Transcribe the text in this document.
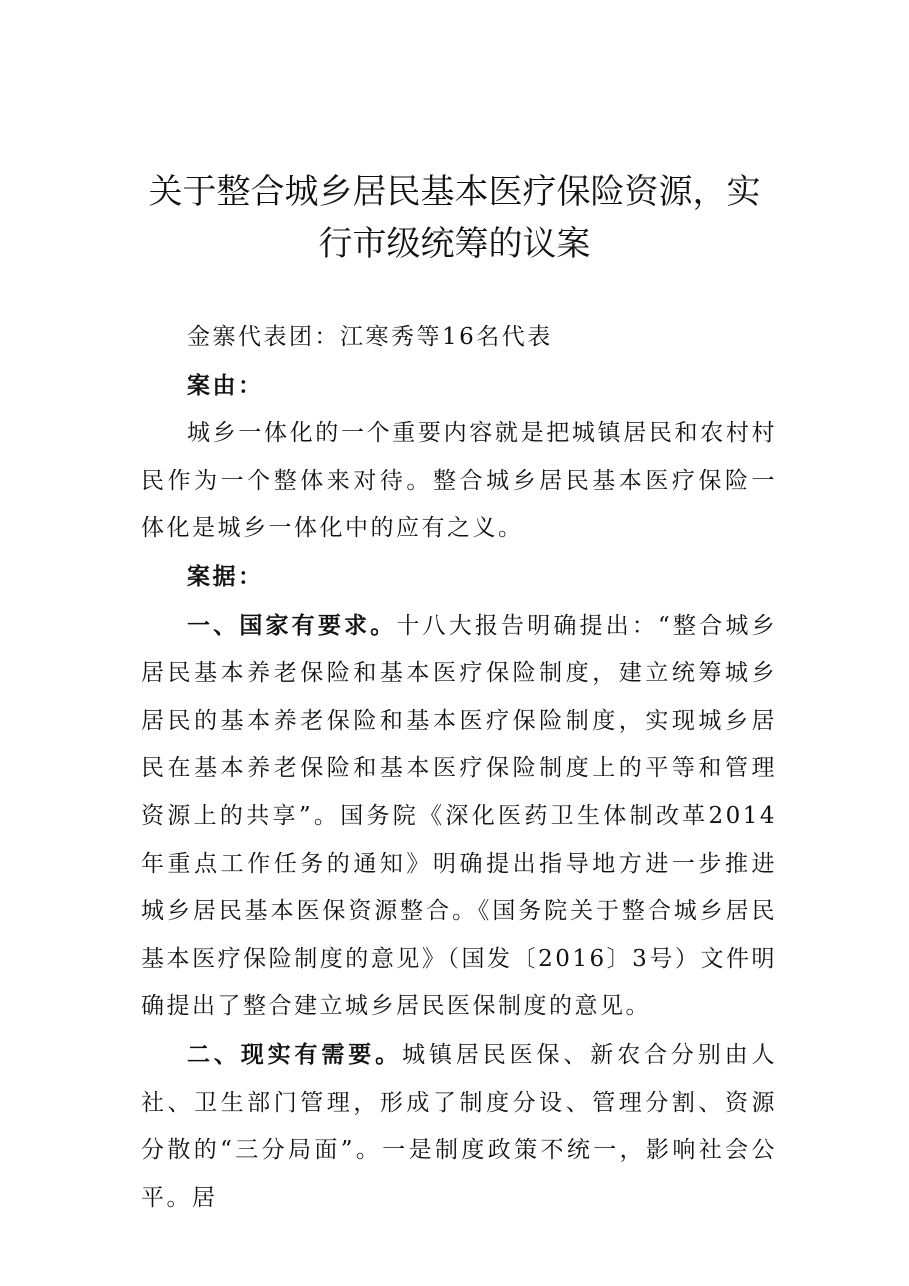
关于整合城乡居民基本医疗保险资源，实
行市级统筹的议案

金寨代表团：江寒秀等16名代表

案由：

城乡一体化的一个重要内容就是把城镇居民和农村村民作为一个整体来对待。整合城乡居民基本医疗保险一体化是城乡一体化中的应有之义。

案据：

一、国家有要求。十八大报告明确提出：“整合城乡居民基本养老保险和基本医疗保险制度，建立统筹城乡居民的基本养老保险和基本医疗保险制度，实现城乡居民在基本养老保险和基本医疗保险制度上的平等和管理资源上的共享”。国务院《深化医药卫生体制改革2014年重点工作任务的通知》明确提出指导地方进一步推进城乡居民基本医保资源整合。《国务院关于整合城乡居民基本医疗保险制度的意见》（国发〔2016〕3号）文件明确提出了整合建立城乡居民医保制度的意见。

二、现实有需要。城镇居民医保、新农合分别由人社、卫生部门管理，形成了制度分设、管理分割、资源分散的“三分局面”。一是制度政策不统一，影响社会公平。居
